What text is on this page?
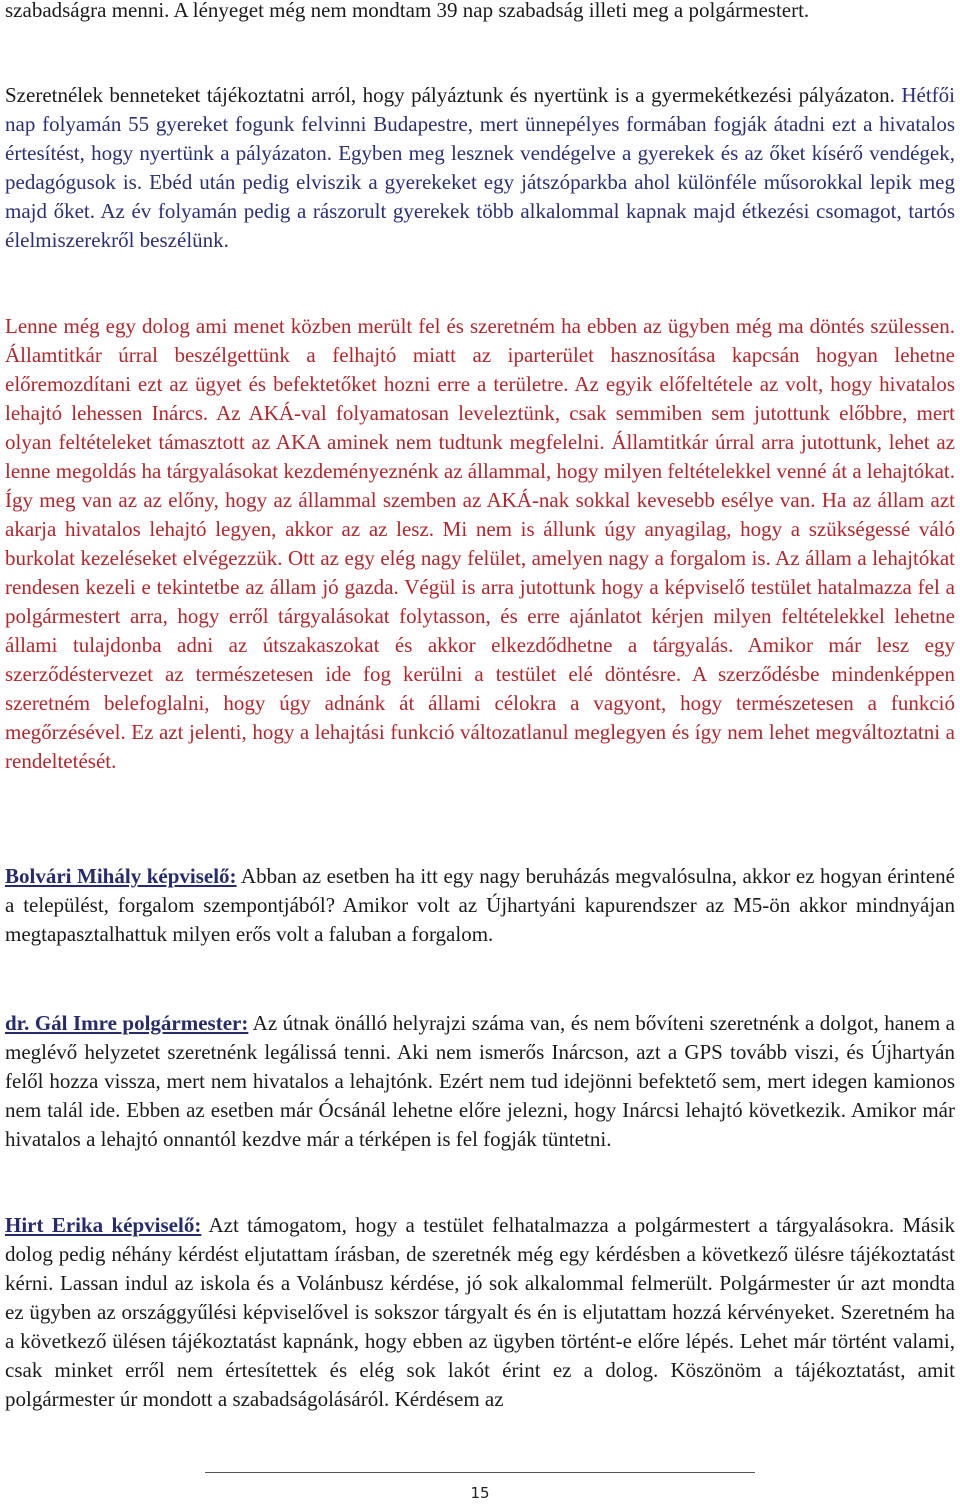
szabadságra menni. A lényeget még nem mondtam 39 nap szabadság illeti meg a polgármestert.

Szeretnélek benneteket tájékoztatni arról, hogy pályáztunk és nyertünk is a gyermekétkezési pályázaton. Hétfői nap folyamán 55 gyereket fogunk felvinni Budapestre, mert ünnepélyes formában fogják átadni ezt a hivatalos értesítést, hogy nyertünk a pályázaton. Egyben meg lesznek vendégelve a gyerekek és az őket kísérő vendégek, pedagógusok is. Ebéd után pedig elviszik a gyerekeket egy játszóparkba ahol különféle műsorokkal lepik meg majd őket. Az év folyamán pedig a rászorult gyerekek több alkalommal kapnak majd étkezési csomagot, tartós élelmiszerekről beszélünk.

Lenne még egy dolog ami menet közben merült fel és szeretném ha ebben az ügyben még ma döntés szülessen. Államtitkár úrral beszélgettünk a felhajtó miatt az iparterület hasznosítása kapcsán hogyan lehetne előremozdítani ezt az ügyet és befektetőket hozni erre a területre. Az egyik előfeltétele az volt, hogy hivatalos lehajtó lehessen Inárcs. Az AKÁ-val folyamatosan leveleztünk, csak semmiben sem jutottunk előbbre, mert olyan feltételeket támasztott az AKA aminek nem tudtunk megfelelni. Államtitkár úrral arra jutottunk, lehet az lenne megoldás ha tárgyalásokat kezdeményeznénk az állammal, hogy milyen feltételekkel venné át a lehajtókat. Így meg van az az előny, hogy az állammal szemben az AKÁ-nak sokkal kevesebb esélye van. Ha az állam azt akarja hivatalos lehajtó legyen, akkor az az lesz. Mi nem is állunk úgy anyagilag, hogy a szükségessé váló burkolat kezeléseket elvégezzük. Ott az egy elég nagy felület, amelyen nagy a forgalom is. Az állam a lehajtókat rendesen kezeli e tekintetbe az állam jó gazda. Végül is arra jutottunk hogy a képviselő testület hatalmazza fel a polgármestert arra, hogy erről tárgyalásokat folytasson, és erre ajánlatot kérjen milyen feltételekkel lehetne állami tulajdonba adni az útszakaszokat és akkor elkezdődhetne a tárgyalás. Amikor már lesz egy szerződéstervezet az természetesen ide fog kerülni a testület elé döntésre. A szerződésbe mindenképpen szeretném belefoglalni, hogy úgy adnánk át állami célokra a vagyont, hogy természetesen a funkció megőrzésével. Ez azt jelenti, hogy a lehajtási funkció változatlanul meglegyen és így nem lehet megváltoztatni a rendeltetését.

Bolvári Mihály képviselő: Abban az esetben ha itt egy nagy beruházás megvalósulna, akkor ez hogyan érintené a települést, forgalom szempontjából? Amikor volt az Újhartyáni kapurendszer az M5-ön akkor mindnyájan megtapasztalhattuk milyen erős volt a faluban a forgalom.

dr. Gál Imre polgármester: Az útnak önálló helyrajzi száma van, és nem bővíteni szeretnénk a dolgot, hanem a meglévő helyzetet szeretnénk legálissá tenni. Aki nem ismerős Inárcson, azt a GPS tovább viszi, és Újhartyán felől hozza vissza, mert nem hivatalos a lehajtónk. Ezért nem tud idejönni befektető sem, mert idegen kamionos nem talál ide. Ebben az esetben már Ócsánál lehetne előre jelezni, hogy Inárcsi lehajtó következik. Amikor már hivatalos a lehajtó onnantól kezdve már a térképen is fel fogják tüntetni.

Hirt Erika képviselő: Azt támogatom, hogy a testület felhatalmazza a polgármestert a tárgyalásokra. Másik dolog pedig néhány kérdést eljutattam írásban, de szeretnék még egy kérdésben a következő ülésre tájékoztatást kérni. Lassan indul az iskola és a Volánbusz kérdése, jó sok alkalommal felmerült. Polgármester úr azt mondta ez ügyben az országgyűlési képviselővel is sokszor tárgyalt és én is eljutattam hozzá kérvényeket. Szeretném ha a következő ülésen tájékoztatást kapnánk, hogy ebben az ügyben történt-e előre lépés. Lehet már történt valami, csak minket erről nem értesítettek és elég sok lakót érint ez a dolog. Köszönöm a tájékoztatást, amit polgármester úr mondott a szabadságolásáról. Kérdésem az

15
